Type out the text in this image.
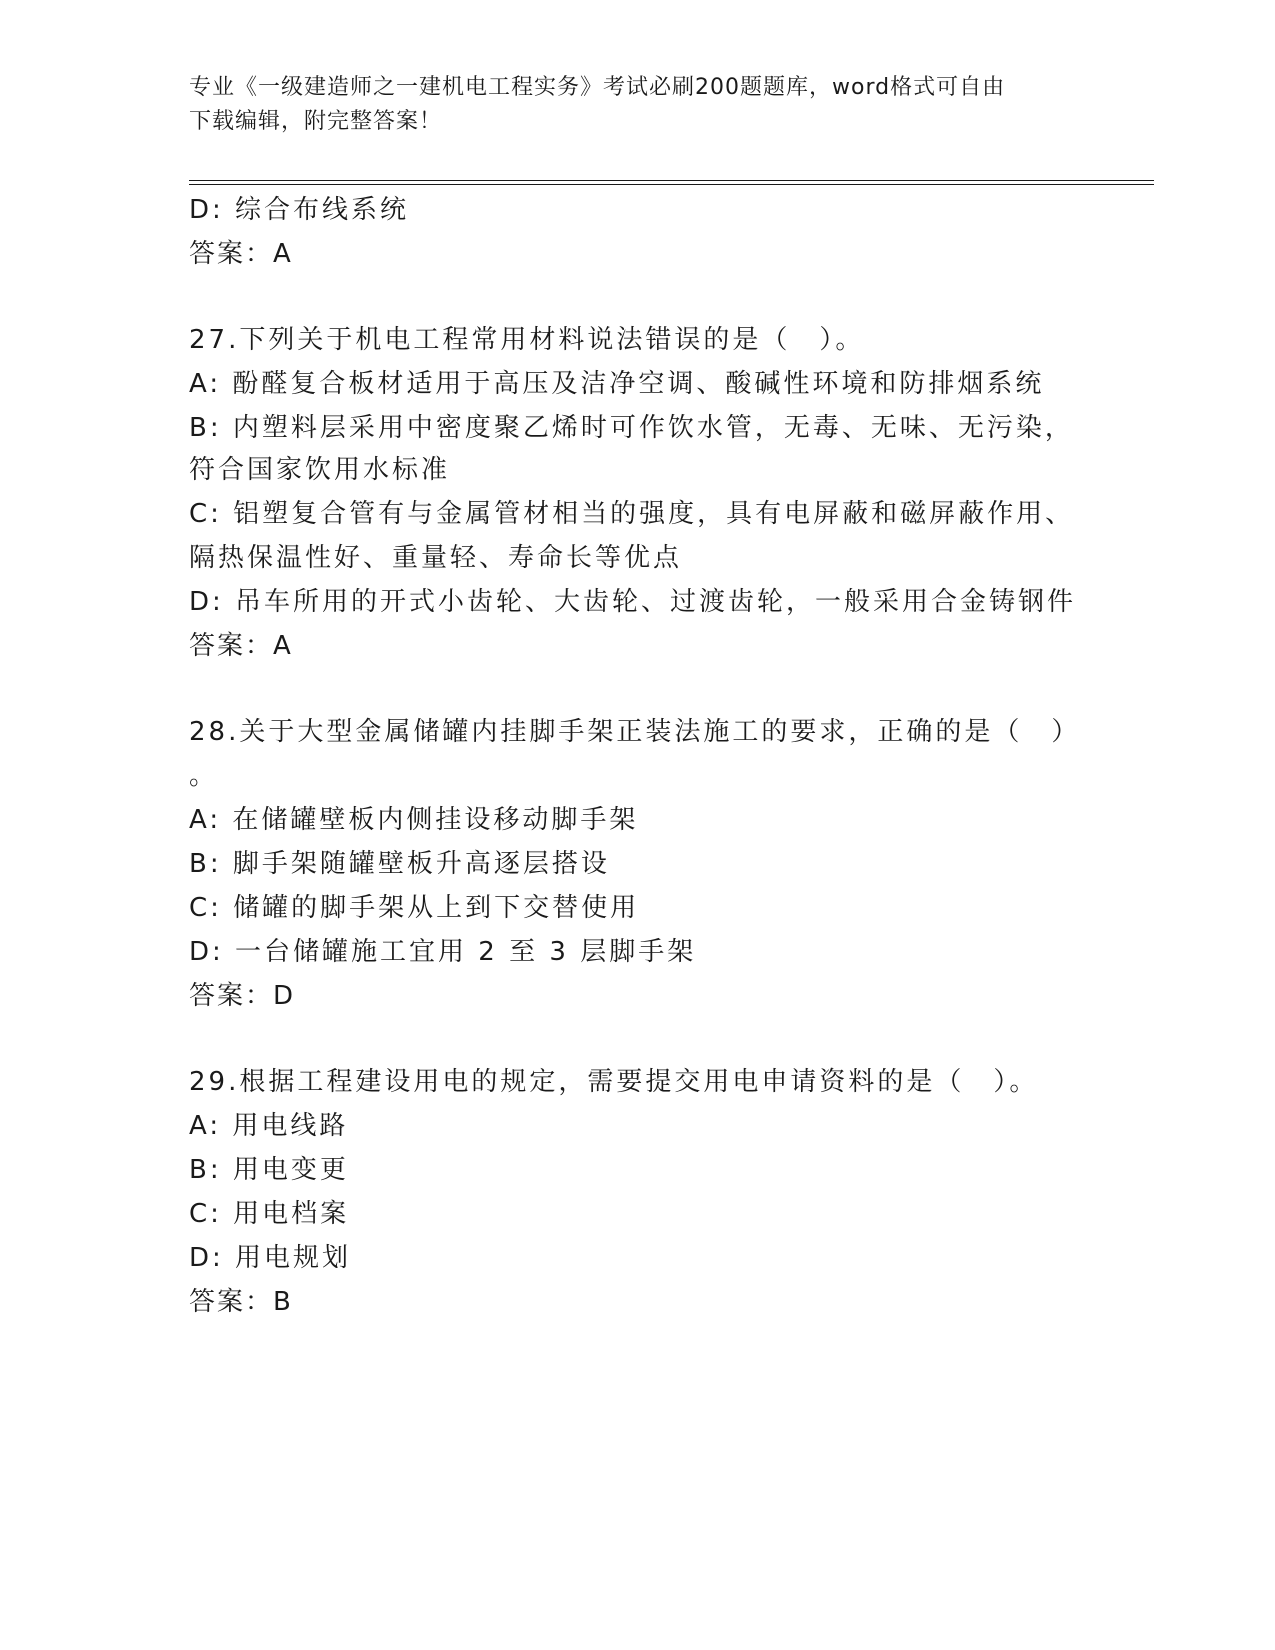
专业《一级建造师之一建机电工程实务》考试必刷200题题库，word格式可自由
下载编辑，附完整答案！
D: 综合布线系统
答案：A
27.下列关于机电工程常用材料说法错误的是（　）。
A: 酚醛复合板材适用于高压及洁净空调、酸碱性环境和防排烟系统
B: 内塑料层采用中密度聚乙烯时可作饮水管，无毒、无味、无污染，
符合国家饮用水标准
C: 铝塑复合管有与金属管材相当的强度，具有电屏蔽和磁屏蔽作用、
隔热保温性好、重量轻、寿命长等优点
D: 吊车所用的开式小齿轮、大齿轮、过渡齿轮，一般采用合金铸钢件
答案：A
28.关于大型金属储罐内挂脚手架正装法施工的要求，正确的是（　）
。
A: 在储罐壁板内侧挂设移动脚手架
B: 脚手架随罐壁板升高逐层搭设
C: 储罐的脚手架从上到下交替使用
D: 一台储罐施工宜用 2 至 3 层脚手架
答案：D
29.根据工程建设用电的规定，需要提交用电申请资料的是（　）。
A: 用电线路
B: 用电变更
C: 用电档案
D: 用电规划
答案：B
